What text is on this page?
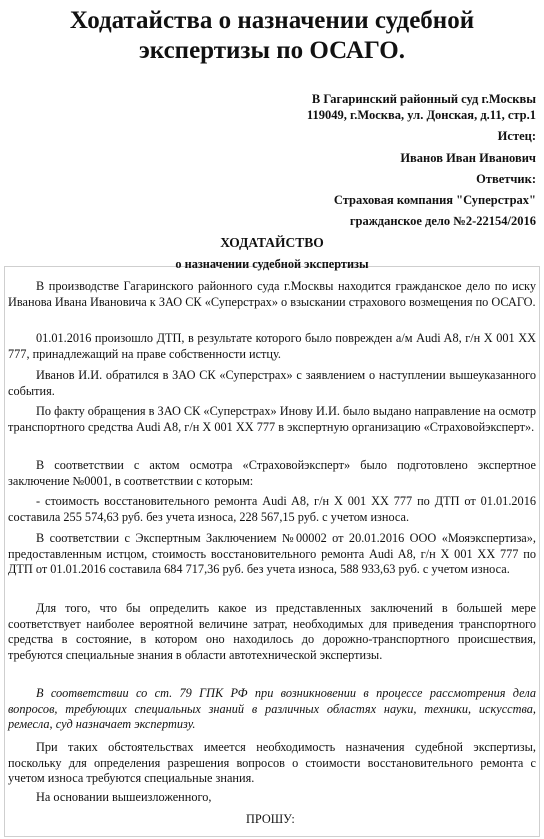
Ходатайства о назначении судебной экспертизы по ОСАГО.
В Гагаринский районный суд г.Москвы
119049, г.Москва, ул. Донская, д.11, стр.1
Истец:
Иванов Иван Иванович
Ответчик:
Страховая компания "Суперстрах"
гражданское дело №2-22154/2016
ХОДАТАЙСТВО
о назначении судебной экспертизы
В производстве Гагаринского районного суда г.Москвы находится гражданское дело по иску Иванова Ивана Ивановича к ЗАО СК «Суперстрах» о взыскании страхового возмещения по ОСАГО.
01.01.2016 произошло ДТП, в результате которого было поврежден а/м Audi A8, г/н Х 001 ХХ 777, принадлежащий на праве собственности истцу.
Иванов И.И. обратился в ЗАО СК «Суперстрах» с заявлением о наступлении вышеуказанного события.
По факту обращения в ЗАО СК «Суперстрах» Инову И.И. было выдано направление на осмотр транспортного средства Audi A8, г/н Х 001 ХХ 777 в экспертную организацию «Страховойэксперт».
В соответствии с актом осмотра «Страховойэксперт» было подготовлено экспертное заключение №0001, в соответствии с которым:
- стоимость восстановительного ремонта Audi A8, г/н Х 001 ХХ 777 по ДТП от 01.01.2016 составила 255 574,63 руб. без учета износа, 228 567,15 руб. с учетом износа.
В соответствии с Экспертным Заключением №00002 от 20.01.2016 ООО «Мояэкспертиза», предоставленным истцом, стоимость восстановительного ремонта Audi A8, г/н Х 001 ХХ 777 по ДТП от 01.01.2016 составила 684 717,36 руб. без учета износа, 588 933,63 руб. с учетом износа.
Для того, что бы определить какое из представленных заключений в большей мере соответствует наиболее вероятной величине затрат, необходимых для приведения транспортного средства в состояние, в котором оно находилось до дорожно-транспортного происшествия, требуются специальные знания в области автотехнической экспертизы.
В соответствии со ст. 79 ГПК РФ при возникновении в процессе рассмотрения дела вопросов, требующих специальных знаний в различных областях науки, техники, искусства, ремесла, суд назначает экспертизу.
При таких обстоятельствах имеется необходимость назначения судебной экспертизы, поскольку для определения разрешения вопросов о стоимости восстановительного ремонта с учетом износа требуются специальные знания.
На основании вышеизложенного,
ПРОШУ:
